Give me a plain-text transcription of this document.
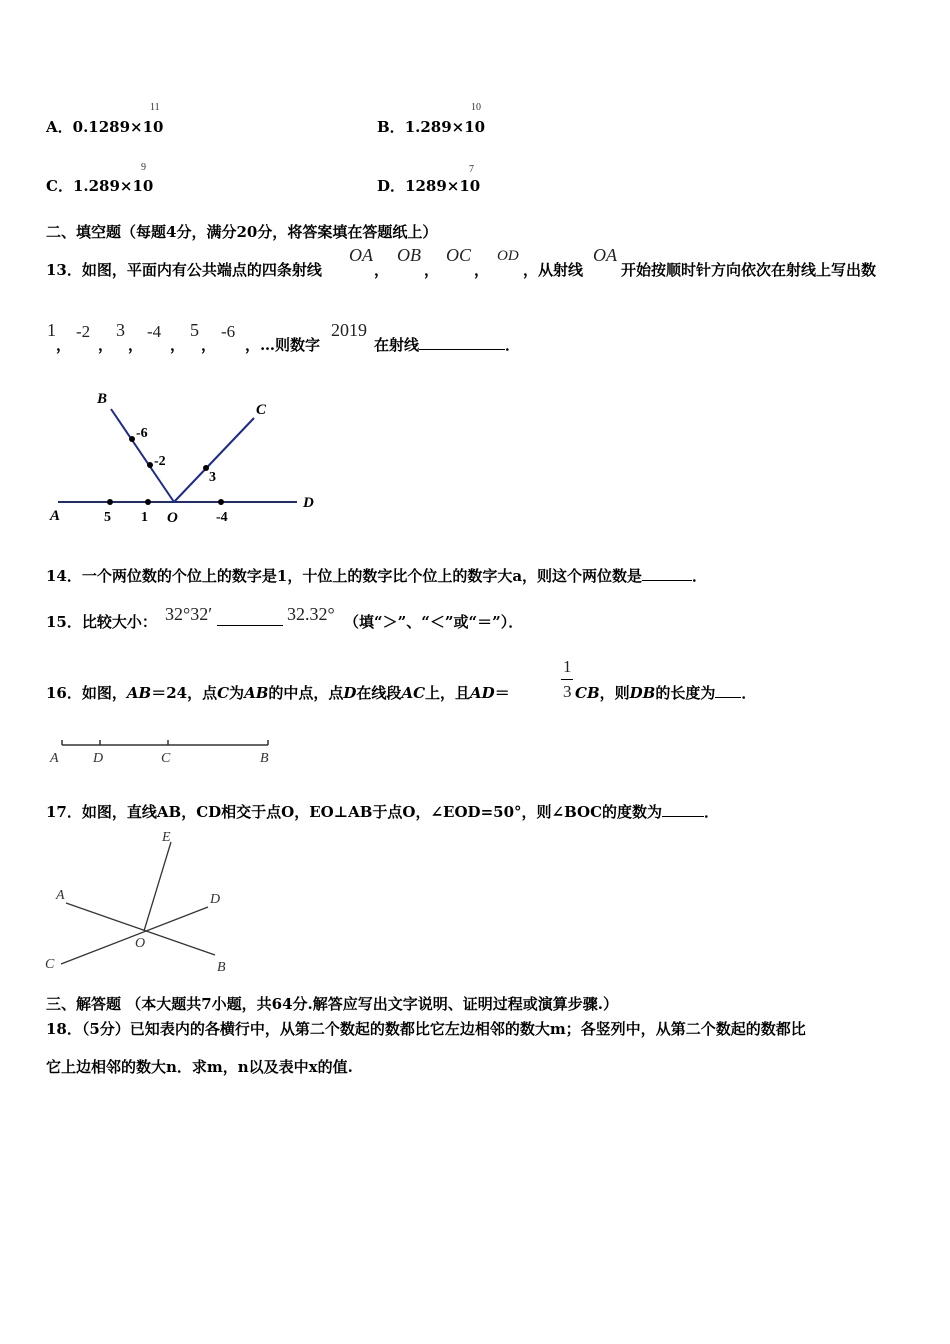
A．0.1289×10
11
B．1.289×10
10
C．1.289×10
9
D．1289×10
7
二、填空题（每题4分，满分20分，将答案填在答题纸上）
13．如图，平面内有公共端点的四条射线
OA
，
OB
，
OC
，
OD
，从射线
OA
开始按顺时针方向依次在射线上写出数
1
，
-2
，
3
，
-4
，
5
，
-6
，…则数字
2019
在射线	．
A
B
C
D
O
5 1
-6
-2
3
-4
14．一个两位数的个位上的数字是1，十位上的数字比个位上的数字大a，则这个两位数是	．
15．比较大小： 32°32′	32.32° （填“＞”、“＜”或“＝”）．
16．如图，AB＝24，点C为AB的中点，点D在线段AC上，且AD＝
1
3 CB，则DB的长度为 ．
A D	C	B
17．如图，直线AB，CD相交于点O，EO⊥AB于点O，∠EOD=50°，则∠BOC的度数为	．
E
A	D
O
C	B
三、解答题 （本大题共7小题，共64分.解答应写出文字说明、证明过程或演算步骤.）
18．（5分）已知表内的各横行中，从第二个数起的数都比它左边相邻的数大m；各竖列中，从第二个数起的数都比
它上边相邻的数大n．求m，n以及表中x的值.
